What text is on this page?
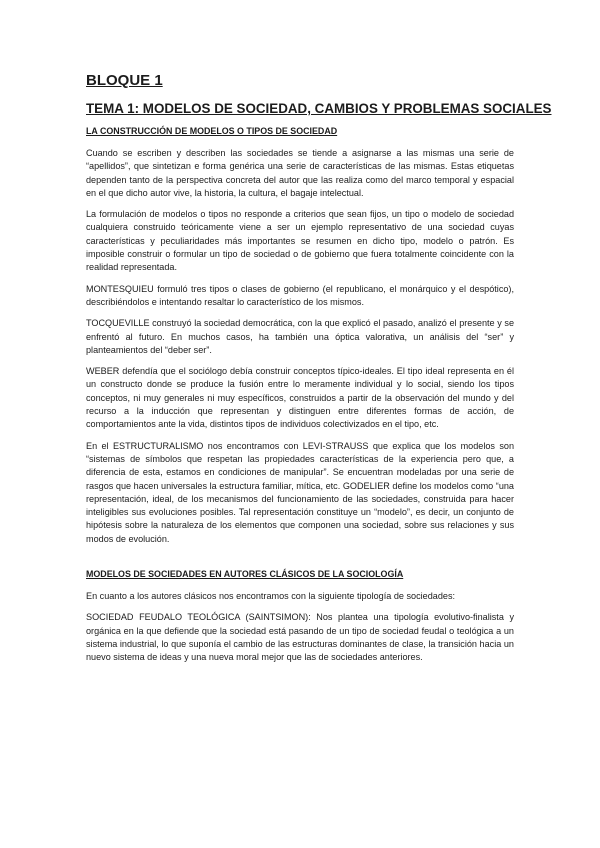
BLOQUE 1
TEMA 1: MODELOS DE SOCIEDAD, CAMBIOS Y PROBLEMAS SOCIALES
LA CONSTRUCCIÓN DE MODELOS O TIPOS DE SOCIEDAD

Cuando se escriben y describen las sociedades se tiende a asignarse a las mismas una serie de “apellidos”, que sintetizan e forma genérica una serie de características de las mismas. Estas etiquetas dependen tanto de la perspectiva concreta del autor que las realiza como del marco temporal y espacial en el que dicho autor vive, la historia, la cultura, el bagaje intelectual.

La formulación de modelos o tipos no responde a criterios que sean fijos, un tipo o modelo de sociedad cualquiera construido teóricamente viene a ser un ejemplo representativo de una sociedad cuyas características y peculiaridades más importantes se resumen en dicho tipo, modelo o patrón. Es imposible construir o formular un tipo de sociedad o de gobierno que fuera totalmente coincidente con la realidad representada.

MONTESQUIEU formuló tres tipos o clases de gobierno (el republicano, el monárquico y el despótico), describiéndolos e intentando resaltar lo característico de los mismos.

TOCQUEVILLE construyó la sociedad democrática, con la que explicó el pasado, analizó el presente y se enfrentó al futuro. En muchos casos, ha también una óptica valorativa, un análisis del “ser” y planteamientos del “deber ser”.

WEBER defendía que el sociólogo debía construir conceptos típico-ideales. El tipo ideal representa en él un constructo donde se produce la fusión entre lo meramente individual y lo social, siendo los tipos conceptos, ni muy generales ni muy específicos, construidos a partir de la observación del mundo y del recurso a la inducción que representan y distinguen entre diferentes formas de acción, de comportamientos ante la vida, distintos tipos de individuos colectivizados en el tipo, etc.

En el ESTRUCTURALISMO nos encontramos con LEVI-STRAUSS que explica que los modelos son “sistemas de símbolos que respetan las propiedades características de la experiencia pero que, a diferencia de esta, estamos en condiciones de manipular”. Se encuentran modeladas por una serie de rasgos que hacen universales la estructura familiar, mítica, etc. GODELIER define los modelos como “una representación, ideal, de los mecanismos del funcionamiento de las sociedades, construida para hacer inteligibles sus evoluciones posibles. Tal representación constituye un “modelo”, es decir, un conjunto de hipótesis sobre la naturaleza de los elementos que componen una sociedad, sobre sus relaciones y sus modos de evolución.

MODELOS DE SOCIEDADES EN AUTORES CLÁSICOS DE LA SOCIOLOGÍA

En cuanto a los autores clásicos nos encontramos con la siguiente tipología de sociedades:

SOCIEDAD FEUDALO TEOLÓGICA (SAINTSIMON): Nos plantea una tipología evolutivo-finalista y orgánica en la que defiende que la sociedad está pasando de un tipo de sociedad feudal o teológica a un sistema industrial, lo que suponía el cambio de las estructuras dominantes de clase, la transición hacia un nuevo sistema de ideas y una nueva moral mejor que las de sociedades anteriores.
